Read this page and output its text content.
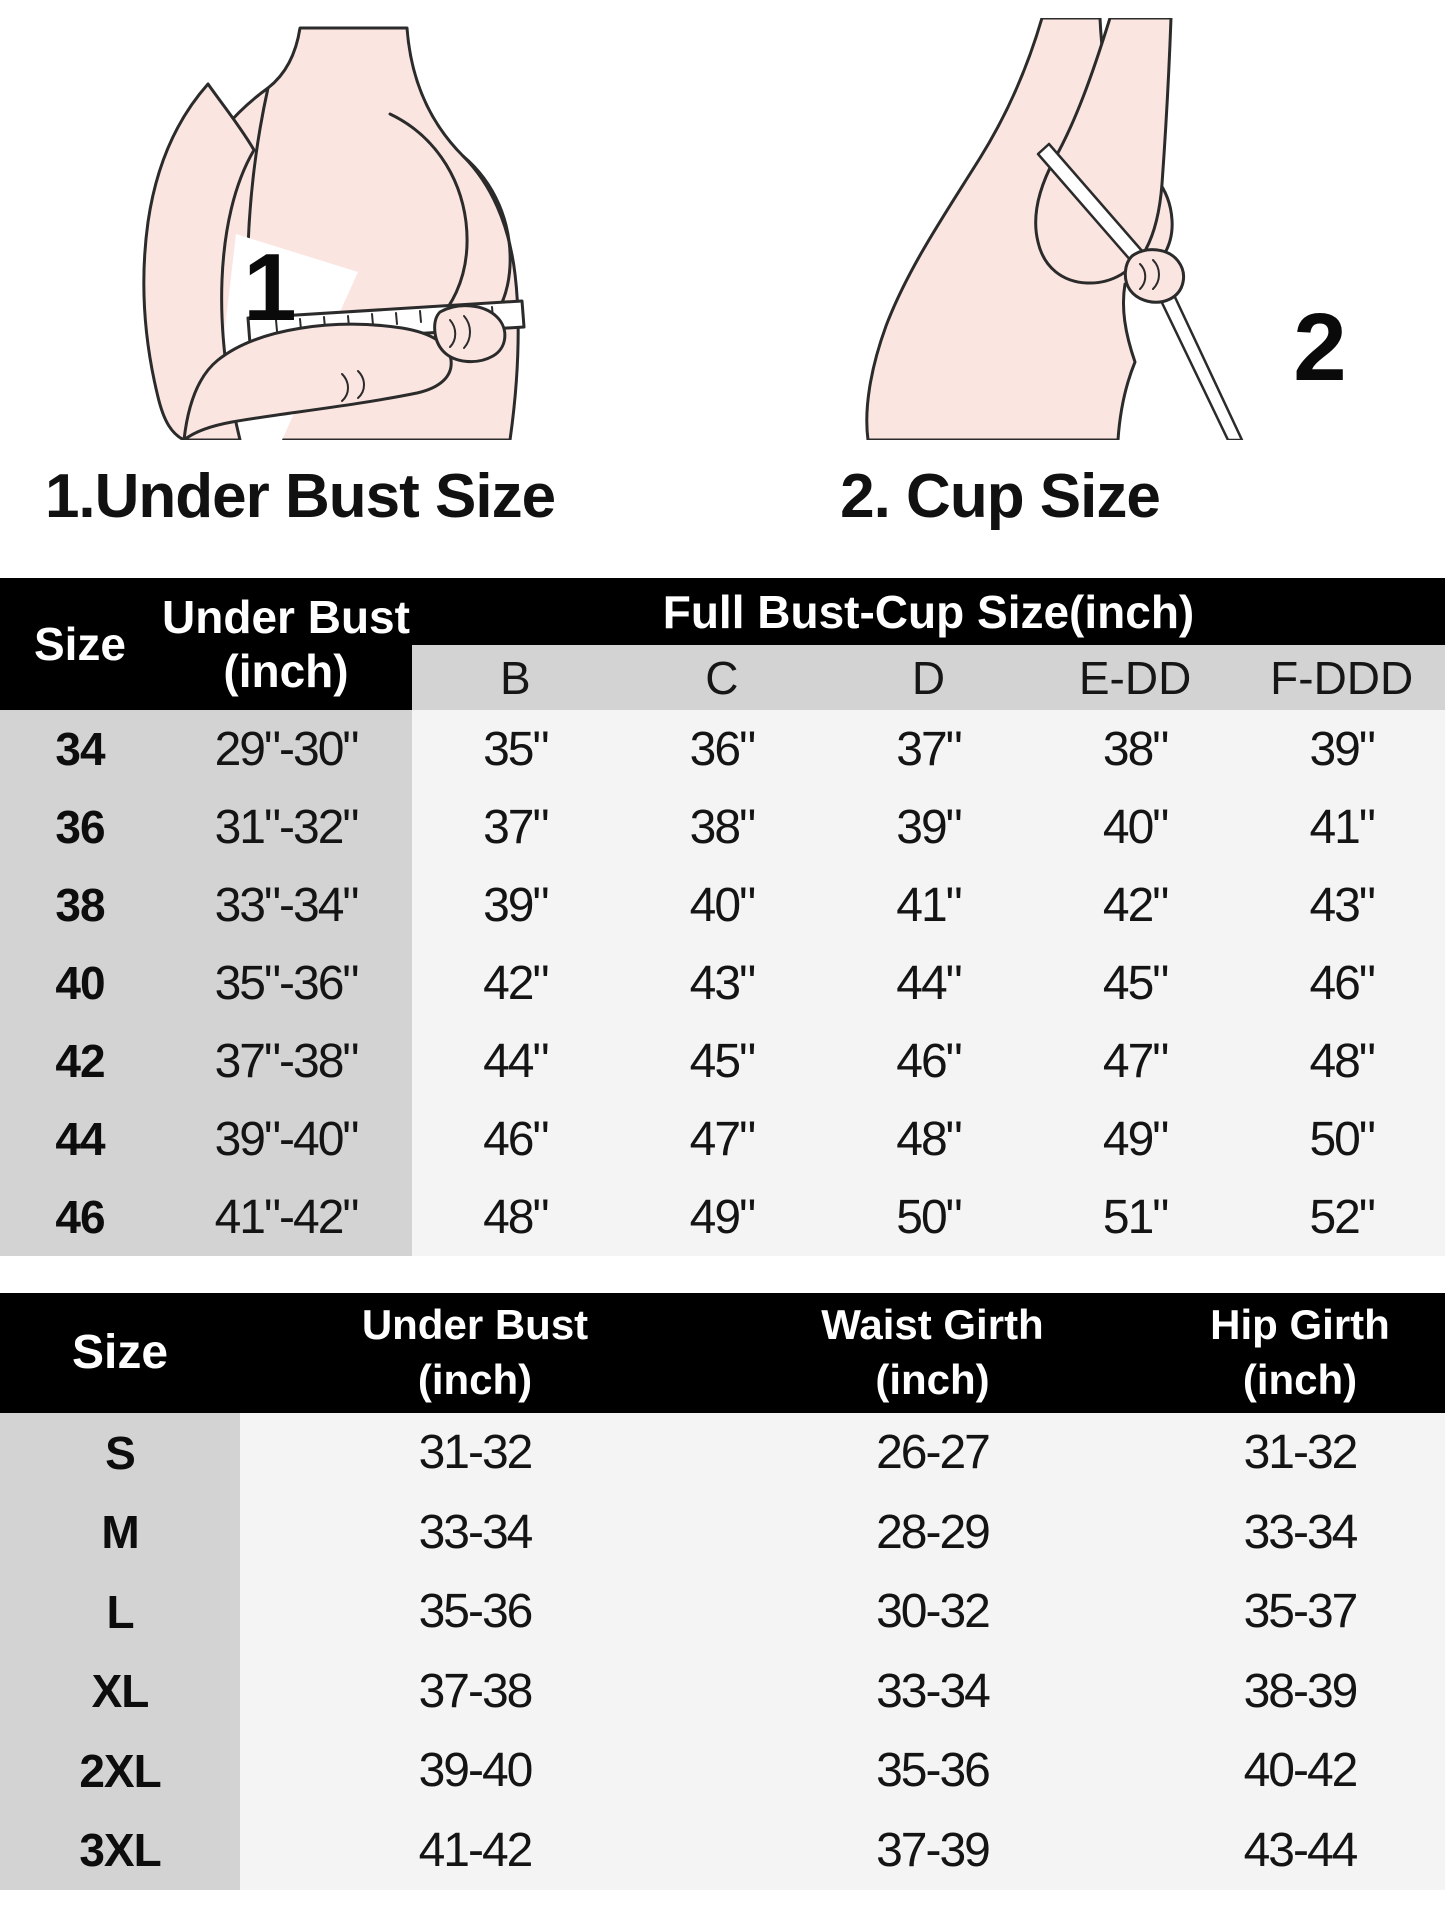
1
2
1.Under Bust Size	2. Cup Size
Size
Under Bust
(inch)
Full Bust-Cup Size(inch)
B	C	D	E-DD	F-DDD
34	29"-30"	35"	36"	37"	38"	39"
36	31"-32"	37"	38"	39"	40"	41"
38	33"-34"	39"	40"	41"	42"	43"
40	35"-36"	42"	43"	44"	45"	46"
42	37"-38"	44"	45"	46"	47"	48"
44	39"-40"	46"	47"	48"	49"	50"
46	41"-42"	48"	49"	50"	51"	52"
Size
Under Bust
(inch)
Waist Girth
(inch)
Hip Girth
(inch)
S	31-32	26-27	31-32
M	33-34	28-29	33-34
L	35-36	30-32	35-37
XL	37-38	33-34	38-39
2XL	39-40	35-36	40-42
3XL	41-42	37-39	43-44
